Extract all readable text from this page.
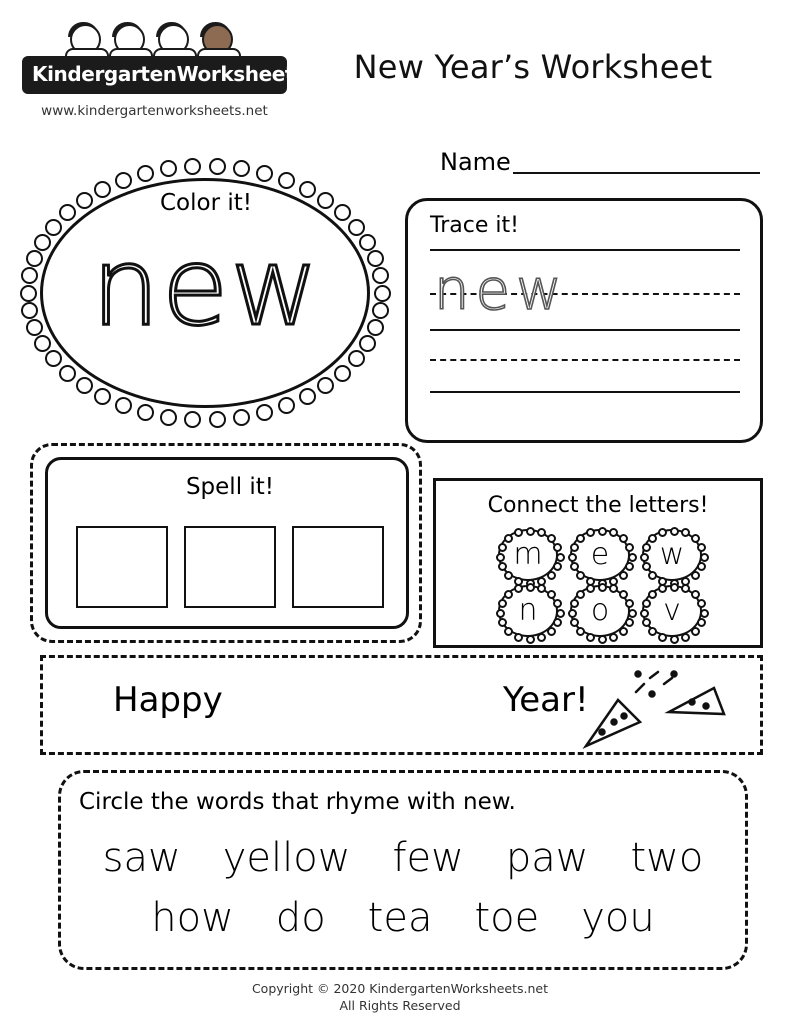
KindergartenWorksheets.net
www.kindergartenworksheets.net
New Year’s Worksheet
Name
Color it!
new	Trace it!
new
Spell it!
Connect the letters!
m	e	w
n	o	v
Happy	Year!
Circle the words that rhyme with new.
saw yellow few paw two
how do tea toe you
Copyright © 2020 KindergartenWorksheets.net
All Rights Reserved
